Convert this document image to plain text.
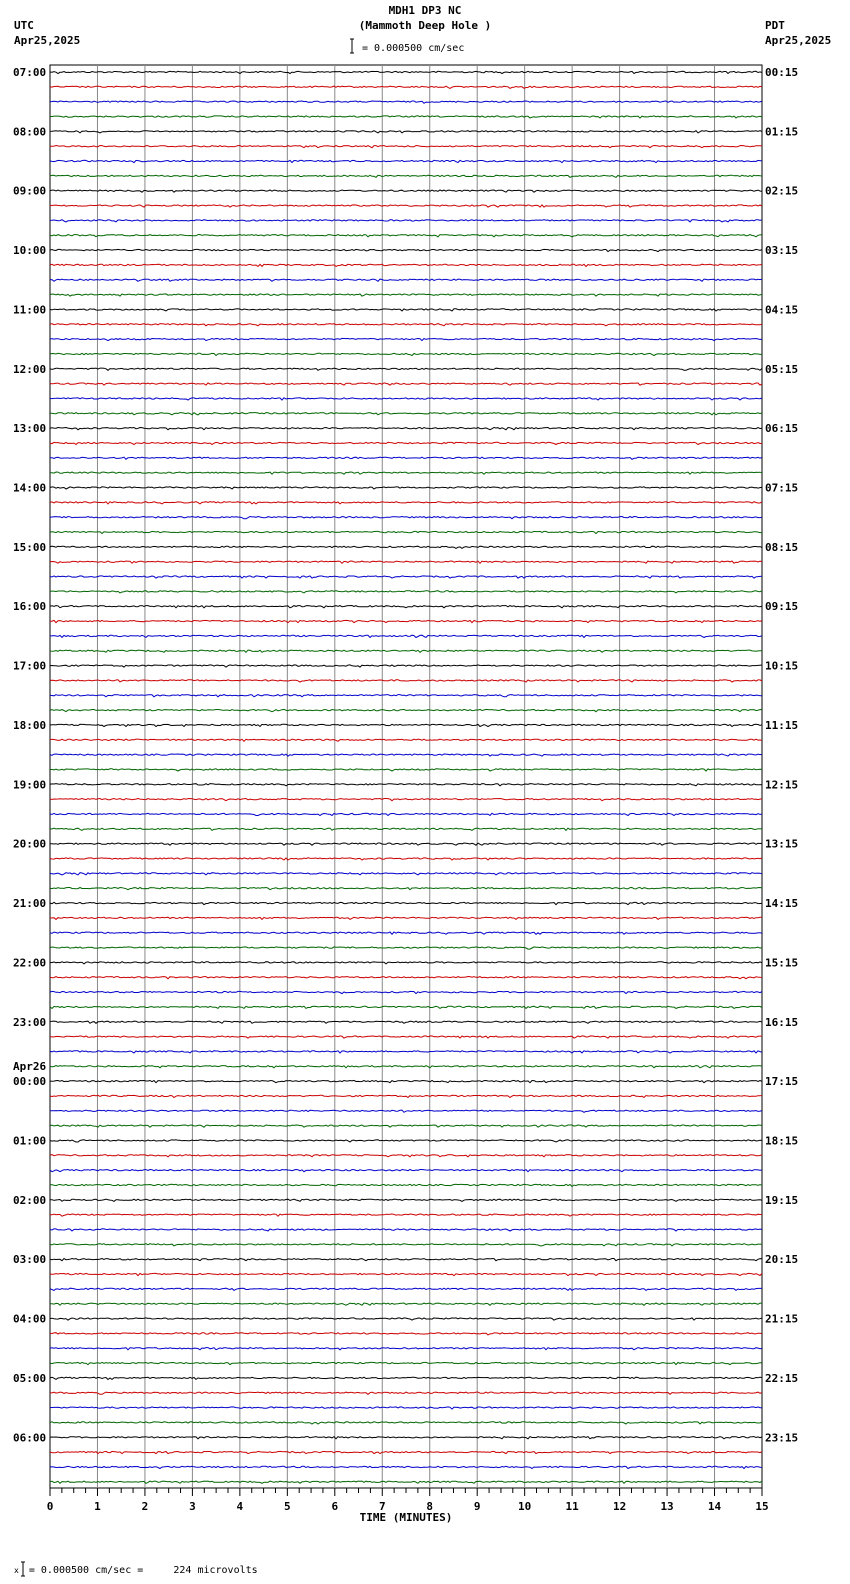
MDH1 DP3 NC
(Mammoth Deep Hole )
UTC
Apr25,2025
PDT
Apr25,2025
= 0.000500 cm/sec
07:00
08:00
09:00
10:00
11:00
12:00
13:00
14:00
15:00
16:00
17:00
18:00
19:00
20:00
21:00
22:00
23:00
00:00
01:00
02:00
03:00
04:00
05:00
06:00
00:15
01:15
02:15
03:15
04:15
05:15
06:15
07:15
08:15
09:15
10:15
11:15
12:15
13:15
14:15
15:15
16:15
17:15
18:15
19:15
20:15
21:15
22:15
23:15
Apr26
0	1	2	3	4	5	6	7	8	9	10	11	12	13	14	15
TIME (MINUTES)

x = 0.000500 cm/sec =     224 microvolts
